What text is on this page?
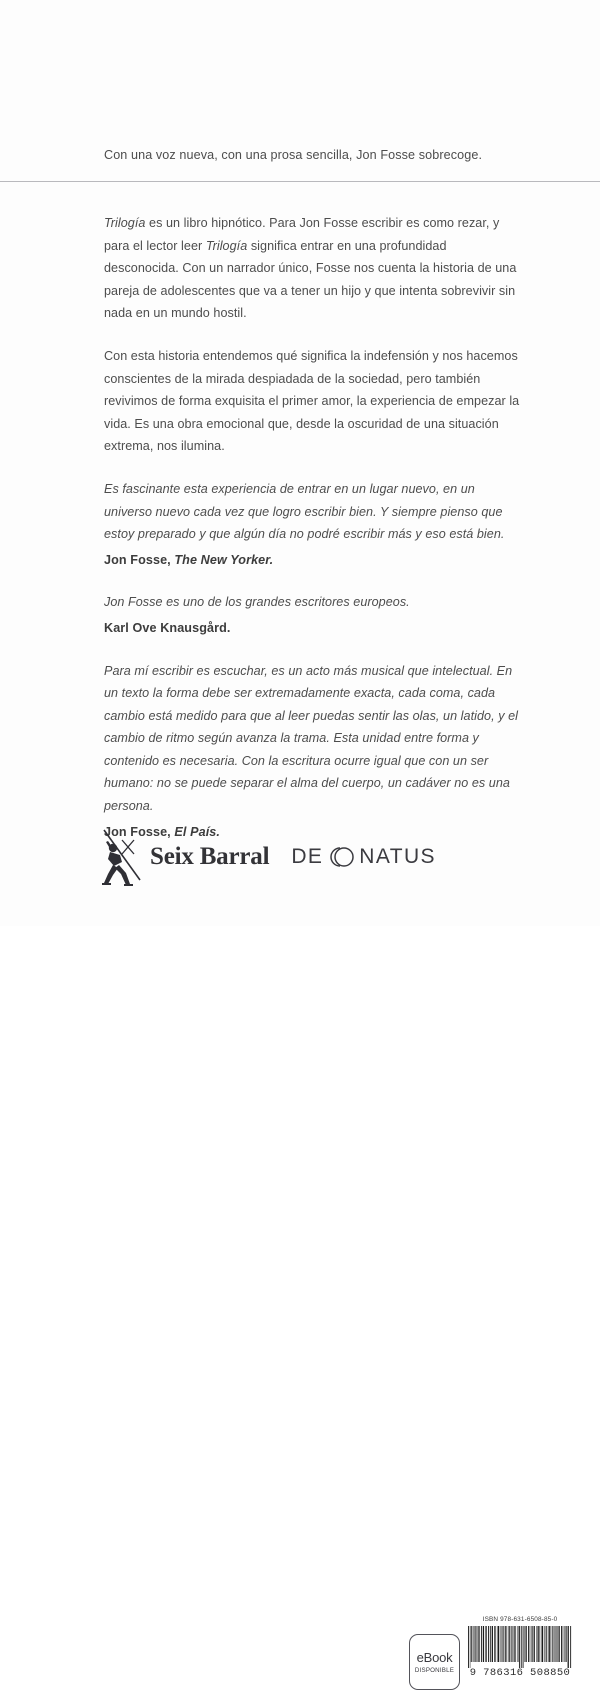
Con una voz nueva, con una prosa sencilla, Jon Fosse sobrecoge.

Trilogía es un libro hipnótico. Para Jon Fosse escribir es como rezar, y para el lector leer Trilogía significa entrar en una profundidad desconocida. Con un narrador único, Fosse nos cuenta la historia de una pareja de adolescentes que va a tener un hijo y que intenta sobrevivir sin nada en un mundo hostil.

Con esta historia entendemos qué significa la indefensión y nos hacemos conscientes de la mirada despiadada de la sociedad, pero también revivimos de forma exquisita el primer amor, la experiencia de empezar la vida. Es una obra emocional que, desde la oscuridad de una situación extrema, nos ilumina.

Es fascinante esta experiencia de entrar en un lugar nuevo, en un universo nuevo cada vez que logro escribir bien. Y siempre pienso que estoy preparado y que algún día no podré escribir más y eso está bien.

Jon Fosse, The New Yorker.

Jon Fosse es uno de los grandes escritores europeos.

Karl Ove Knausgård.

Para mí escribir es escuchar, es un acto más musical que intelectual. En un texto la forma debe ser extremadamente exacta, cada coma, cada cambio está medido para que al leer puedas sentir las olas, un latido, y el cambio de ritmo según avanza la trama. Esta unidad entre forma y contenido es necesaria. Con la escritura ocurre igual que con un ser humano: no se puede separar el alma del cuerpo, un cadáver no es una persona.

Jon Fosse, El País.

Seix Barral DE NATUS
eBook
DISPONIBLE
ISBN 978-631-6508-85-0
9 786316 508850
